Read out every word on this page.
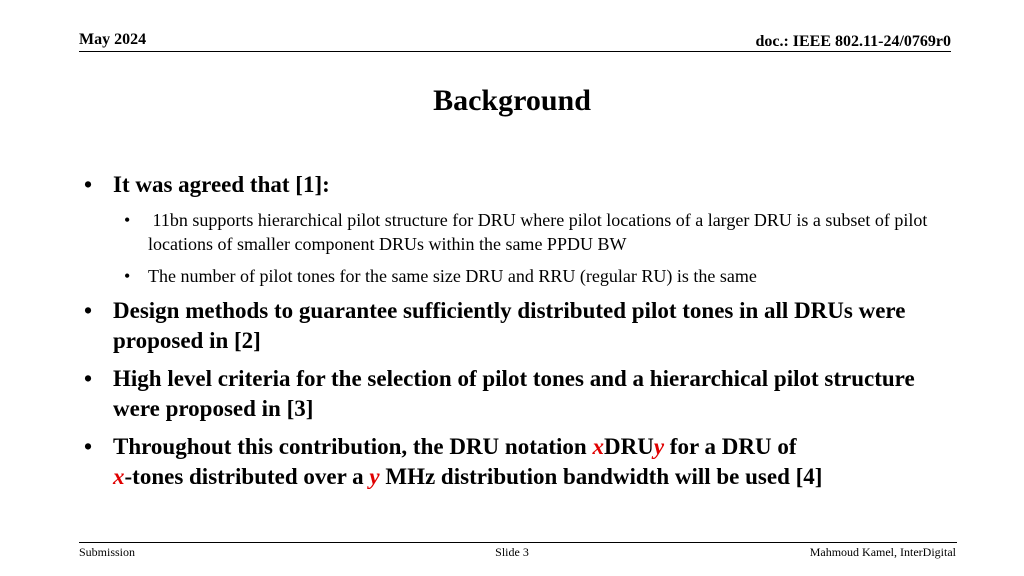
May 2024	doc.: IEEE 802.11-24/0769r0
Background
• It was agreed that [1]:
• 11bn supports hierarchical pilot structure for DRU where pilot locations of a larger DRU is a subset of pilot locations of smaller component DRUs within the same PPDU BW
• The number of pilot tones for the same size DRU and RRU (regular RU) is the same
• Design methods to guarantee sufficiently distributed pilot tones in all DRUs were proposed in [2]
• High level criteria for the selection of pilot tones and a hierarchical pilot structure were proposed in [3]
• Throughout this contribution, the DRU notation xDRUy for a DRU of
x-tones distributed over a y MHz distribution bandwidth will be used [4]
Submission	Slide 3	Mahmoud Kamel, InterDigital
